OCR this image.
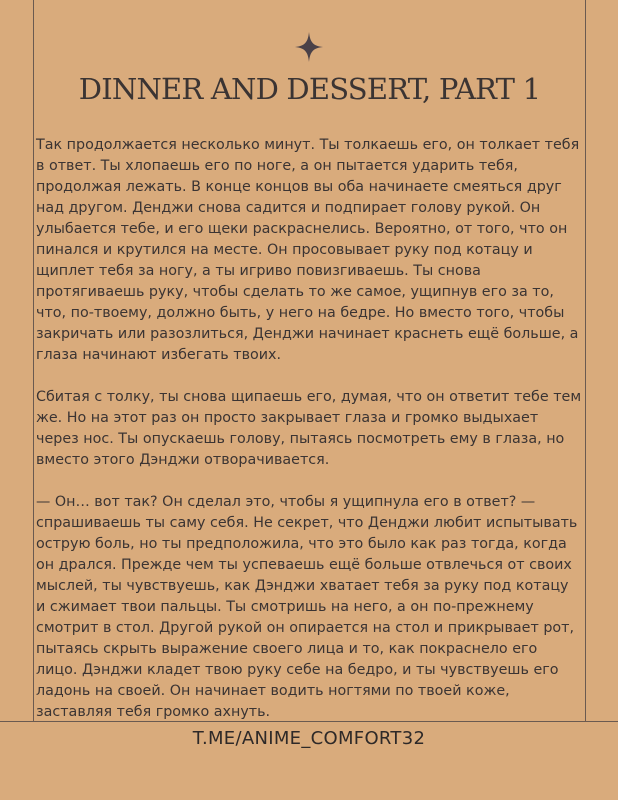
DINNER AND DESSERT, PART 1

Так продолжается несколько минут. Ты толкаешь его, он толкает тебя в ответ. Ты хлопаешь его по ноге, а он пытается ударить тебя, продолжая лежать. В конце концов вы оба начинаете смеяться друг над другом. Денджи снова садится и подпирает голову рукой. Он улыбается тебе, и его щеки раскраснелись. Вероятно, от того, что он пинался и крутился на месте. Он просовывает руку под котацу и щиплет тебя за ногу, а ты игриво повизгиваешь. Ты снова протягиваешь руку, чтобы сделать то же самое, ущипнув его за то, что, по-твоему, должно быть, у него на бедре. Но вместо того, чтобы закричать или разозлиться, Денджи начинает краснеть ещё больше, а глаза начинают избегать твоих.

Сбитая с толку, ты снова щипаешь его, думая, что он ответит тебе тем же. Но на этот раз он просто закрывает глаза и громко выдыхает через нос. Ты опускаешь голову, пытаясь посмотреть ему в глаза, но вместо этого Дэнджи отворачивается.

— Он… вот так? Он сделал это, чтобы я ущипнула его в ответ? — спрашиваешь ты саму себя. Не секрет, что Денджи любит испытывать острую боль, но ты предположила, что это было как раз тогда, когда он дрался. Прежде чем ты успеваешь ещё больше отвлечься от своих мыслей, ты чувствуешь, как Дэнджи хватает тебя за руку под котацу и сжимает твои пальцы. Ты смотришь на него, а он по-прежнему смотрит в стол. Другой рукой он опирается на стол и прикрывает рот, пытаясь скрыть выражение своего лица и то, как покраснело его лицо. Дэнджи кладет твою руку себе на бедро, и ты чувствуешь его ладонь на своей. Он начинает водить ногтями по твоей коже, заставляя тебя громко ахнуть.

T.ME/ANIME_COMFORT32
